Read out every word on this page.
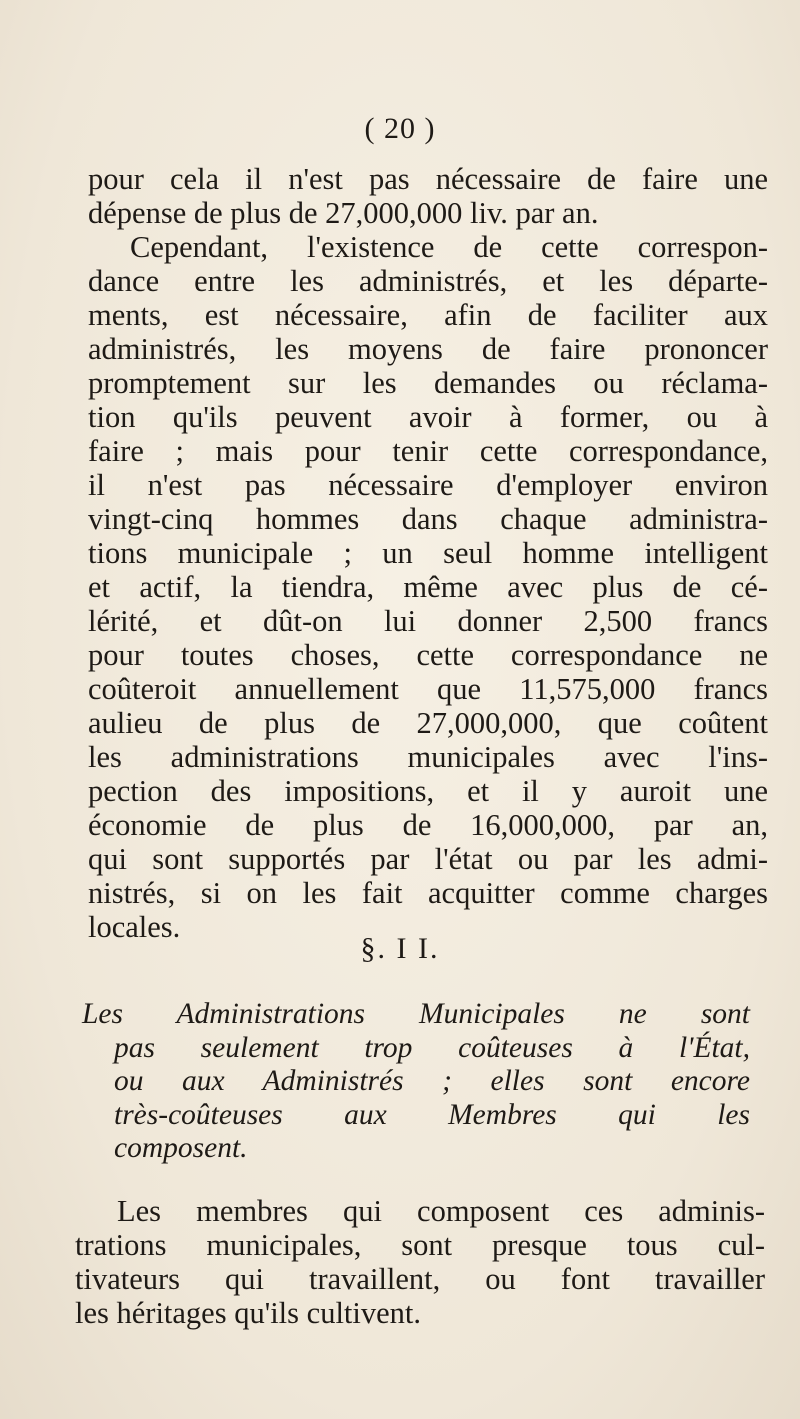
( 20 )
pour cela il n'est pas nécessaire de faire une
dépense de plus de 27,000,000 liv. par an.
Cependant, l'existence de cette correspon-
dance entre les administrés, et les départe-
ments, est nécessaire, afin de faciliter aux
administrés, les moyens de faire prononcer
promptement sur les demandes ou réclama-
tion qu'ils peuvent avoir à former, ou à
faire ; mais pour tenir cette correspondance,
il n'est pas nécessaire d'employer environ
vingt-cinq hommes dans chaque administra-
tions municipale ; un seul homme intelligent
et actif, la tiendra, même avec plus de cé-
lérité, et dût-on lui donner 2,500 francs
pour toutes choses, cette correspondance ne
coûteroit annuellement que 11,575,000 francs
aulieu de plus de 27,000,000, que coûtent
les administrations municipales avec l'ins-
pection des impositions, et il y auroit une
économie de plus de 16,000,000, par an,
qui sont supportés par l'état ou par les admi-
nistrés, si on les fait acquitter comme charges
locales.
§. I I.
Les Administrations Municipales ne sont
pas seulement trop coûteuses à l'État,
ou aux Administrés ; elles sont encore
très-coûteuses aux Membres qui les
composent.
Les membres qui composent ces adminis-
trations municipales, sont presque tous cul-
tivateurs qui travaillent, ou font travailler
les héritages qu'ils cultivent.
